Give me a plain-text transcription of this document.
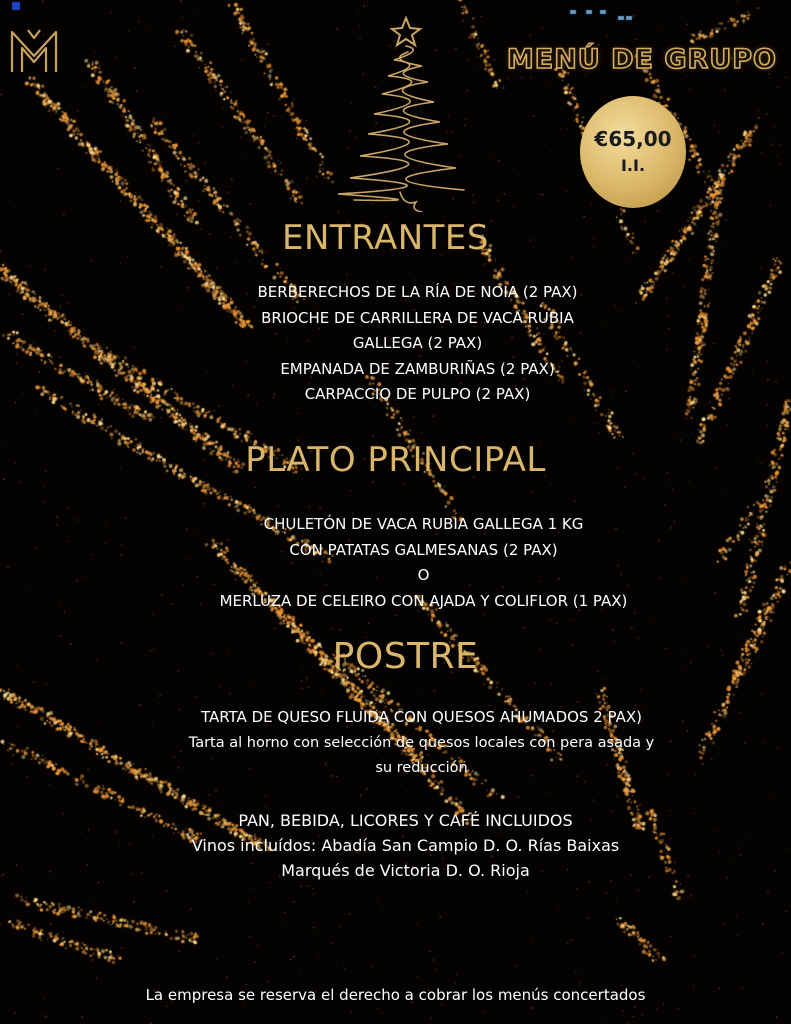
MENÚ DE GRUPO
€65,00
I.I.
ENTRANTES
BERBERECHOS DE LA RÍA DE NOIA (2 PAX)
BRIOCHE DE CARRILLERA DE VACA RUBIA
GALLEGA (2 PAX)
EMPANADA DE ZAMBURIÑAS (2 PAX)
CARPACCIO DE PULPO (2 PAX)
PLATO PRINCIPAL
CHULETÓN DE VACA RUBIA GALLEGA 1 KG
CON PATATAS GALMESANAS (2 PAX)
O
MERLUZA DE CELEIRO CON AJADA Y COLIFLOR (1 PAX)
POSTRE
TARTA DE QUESO FLUIDA CON QUESOS AHUMADOS 2 PAX)
Tarta al horno con selección de quesos locales con pera asada y
su reducción
PAN, BEBIDA, LICORES Y CAFÉ INCLUIDOS
Vinos incluídos: Abadía San Campio D. O. Rías Baixas
Marqués de Victoria D. O. Rioja
La empresa se reserva el derecho a cobrar los menús concertados
